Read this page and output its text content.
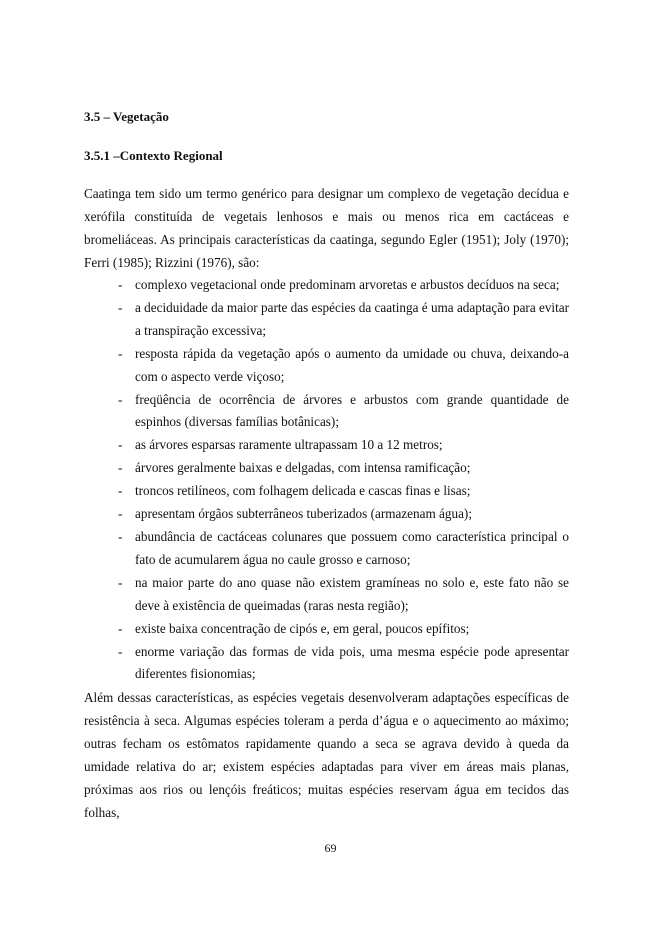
3.5 – Vegetação
3.5.1 –Contexto Regional

Caatinga tem sido um termo genérico para designar um complexo de vegetação decídua e xerófila constituída de vegetais lenhosos e mais ou menos rica em cactáceas e bromeliáceas. As principais características da caatinga, segundo Egler (1951); Joly (1970); Ferri (1985); Rizzini (1976), são:

- complexo vegetacional onde predominam arvoretas e arbustos decíduos na seca;
- a deciduidade da maior parte das espécies da caatinga é uma adaptação para evitar a transpiração excessiva;
- resposta rápida da vegetação após o aumento da umidade ou chuva, deixando-a com o aspecto verde viçoso;
- freqüência de ocorrência de árvores e arbustos com grande quantidade de espinhos (diversas famílias botânicas);
- as árvores esparsas raramente ultrapassam 10 a 12 metros;
- árvores geralmente baixas e delgadas, com intensa ramificação;
- troncos retilíneos, com folhagem delicada e cascas finas e lisas;
- apresentam órgãos subterrâneos tuberizados (armazenam água);
- abundância de cactáceas colunares que possuem como característica principal o fato de acumularem água no caule grosso e carnoso;
- na maior parte do ano quase não existem gramíneas no solo e, este fato não se deve à existência de queimadas (raras nesta região);
- existe baixa concentração de cipós e, em geral, poucos epífitos;
- enorme variação das formas de vida pois, uma mesma espécie pode apresentar diferentes fisionomias;

Além dessas características, as espécies vegetais desenvolveram adaptações específicas de resistência à seca. Algumas espécies toleram a perda d’água e o aquecimento ao máximo; outras fecham os estômatos rapidamente quando a seca se agrava devido à queda da umidade relativa do ar; existem espécies adaptadas para viver em áreas mais planas, próximas aos rios ou lençóis freáticos; muitas espécies reservam água em tecidos das folhas,

69
